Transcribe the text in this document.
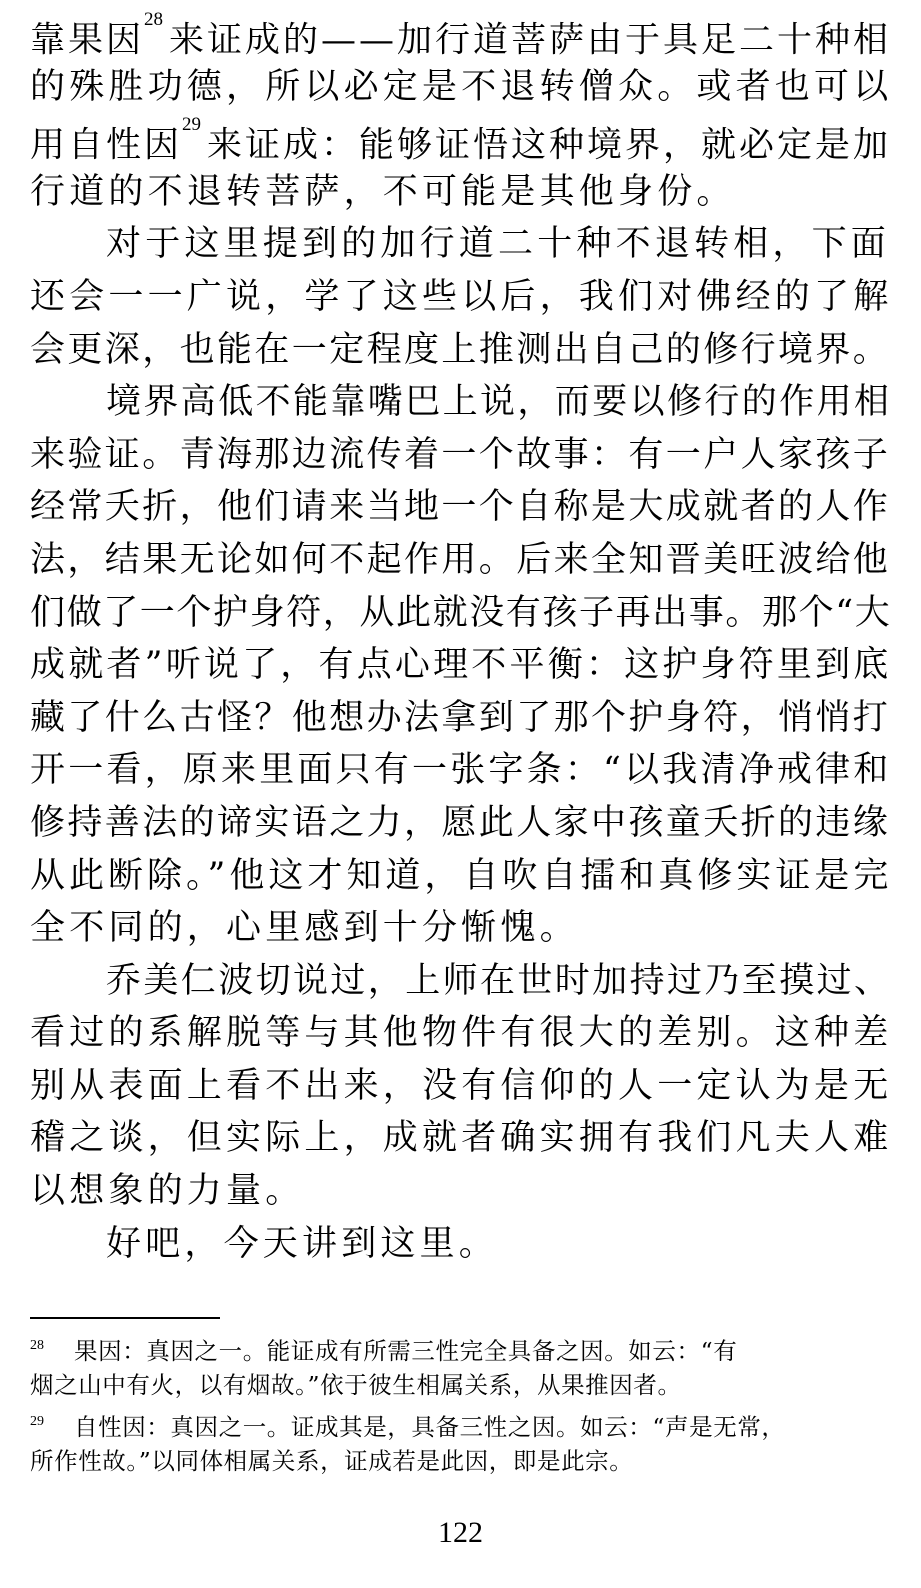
靠果因$^{28}$来证成的——加行道菩萨由于具足二十种相
的殊胜功德，所以必定是不退转僧众。或者也可以
用自性因$^{29}$来证成：能够证悟这种境界，就必定是加
行道的不退转菩萨，不可能是其他身份。
对于这里提到的加行道二十种不退转相，下面
还会一一广说，学了这些以后，我们对佛经的了解
会更深，也能在一定程度上推测出自己的修行境界。
境界高低不能靠嘴巴上说，而要以修行的作用相
来验证。青海那边流传着一个故事：有一户人家孩子
经常夭折，他们请来当地一个自称是大成就者的人作
法，结果无论如何不起作用。后来全知晋美旺波给他
们做了一个护身符，从此就没有孩子再出事。那个“大
成就者”听说了，有点心理不平衡：这护身符里到底
藏了什么古怪？他想办法拿到了那个护身符，悄悄打
开一看，原来里面只有一张字条：“以我清净戒律和
修持善法的谛实语之力，愿此人家中孩童夭折的违缘
从此断除。”他这才知道，自吹自擂和真修实证是完
全不同的，心里感到十分惭愧。
乔美仁波切说过，上师在世时加持过乃至摸过、
看过的系解脱等与其他物件有很大的差别。这种差
别从表面上看不出来，没有信仰的人一定认为是无
稽之谈，但实际上，成就者确实拥有我们凡夫人难
以想象的力量。
好吧，今天讲到这里。
28 果因：真因之一。能证成有所需三性完全具备之因。如云：“有
烟之山中有火，以有烟故。”依于彼生相属关系，从果推因者。
29 自性因：真因之一。证成其是，具备三性之因。如云：“声是无常，
所作性故。”以同体相属关系，证成若是此因，即是此宗。
122
